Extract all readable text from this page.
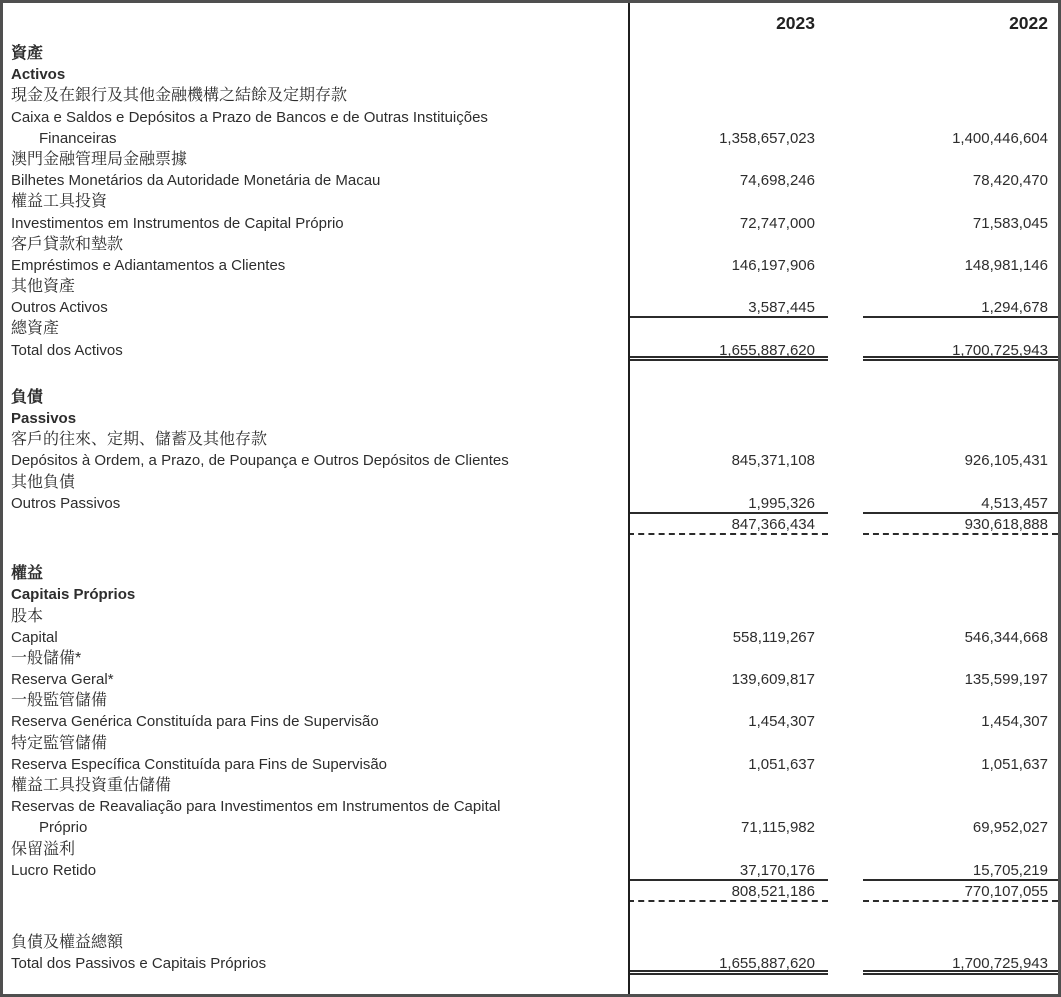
2023	2022
資產
Activos
現金及在銀行及其他金融機構之結餘及定期存款
Caixa e Saldos e Depósitos a Prazo de Bancos e de Outras Instituições
Financeiras	1,358,657,023	1,400,446,604
澳門金融管理局金融票據
Bilhetes Monetários da Autoridade Monetária de Macau	74,698,246	78,420,470
權益工具投資
Investimentos em Instrumentos de Capital Próprio	72,747,000	71,583,045
客戶貸款和墊款
Empréstimos e Adiantamentos a Clientes	146,197,906	148,981,146
其他資產
Outros Activos	3,587,445	1,294,678
總資產
Total dos Activos	1,655,887,620	1,700,725,943
負債
Passivos
客戶的往來、定期、儲蓄及其他存款
Depósitos à Ordem, a Prazo, de Poupança e Outros Depósitos de Clientes	845,371,108	926,105,431
其他負債
Outros Passivos	1,995,326	4,513,457
847,366,434	930,618,888
權益
Capitais Próprios
股本
Capital	558,119,267	546,344,668
一般儲備*
Reserva Geral*	139,609,817	135,599,197
一般監管儲備
Reserva Genérica Constituída para Fins de Supervisão	1,454,307	1,454,307
特定監管儲備
Reserva Específica Constituída para Fins de Supervisão	1,051,637	1,051,637
權益工具投資重估儲備
Reservas de Reavaliação para Investimentos em Instrumentos de Capital
Próprio	71,115,982	69,952,027
保留溢利
Lucro Retido	37,170,176	15,705,219
808,521,186	770,107,055
負債及權益總額
Total dos Passivos e Capitais Próprios	1,655,887,620	1,700,725,943
